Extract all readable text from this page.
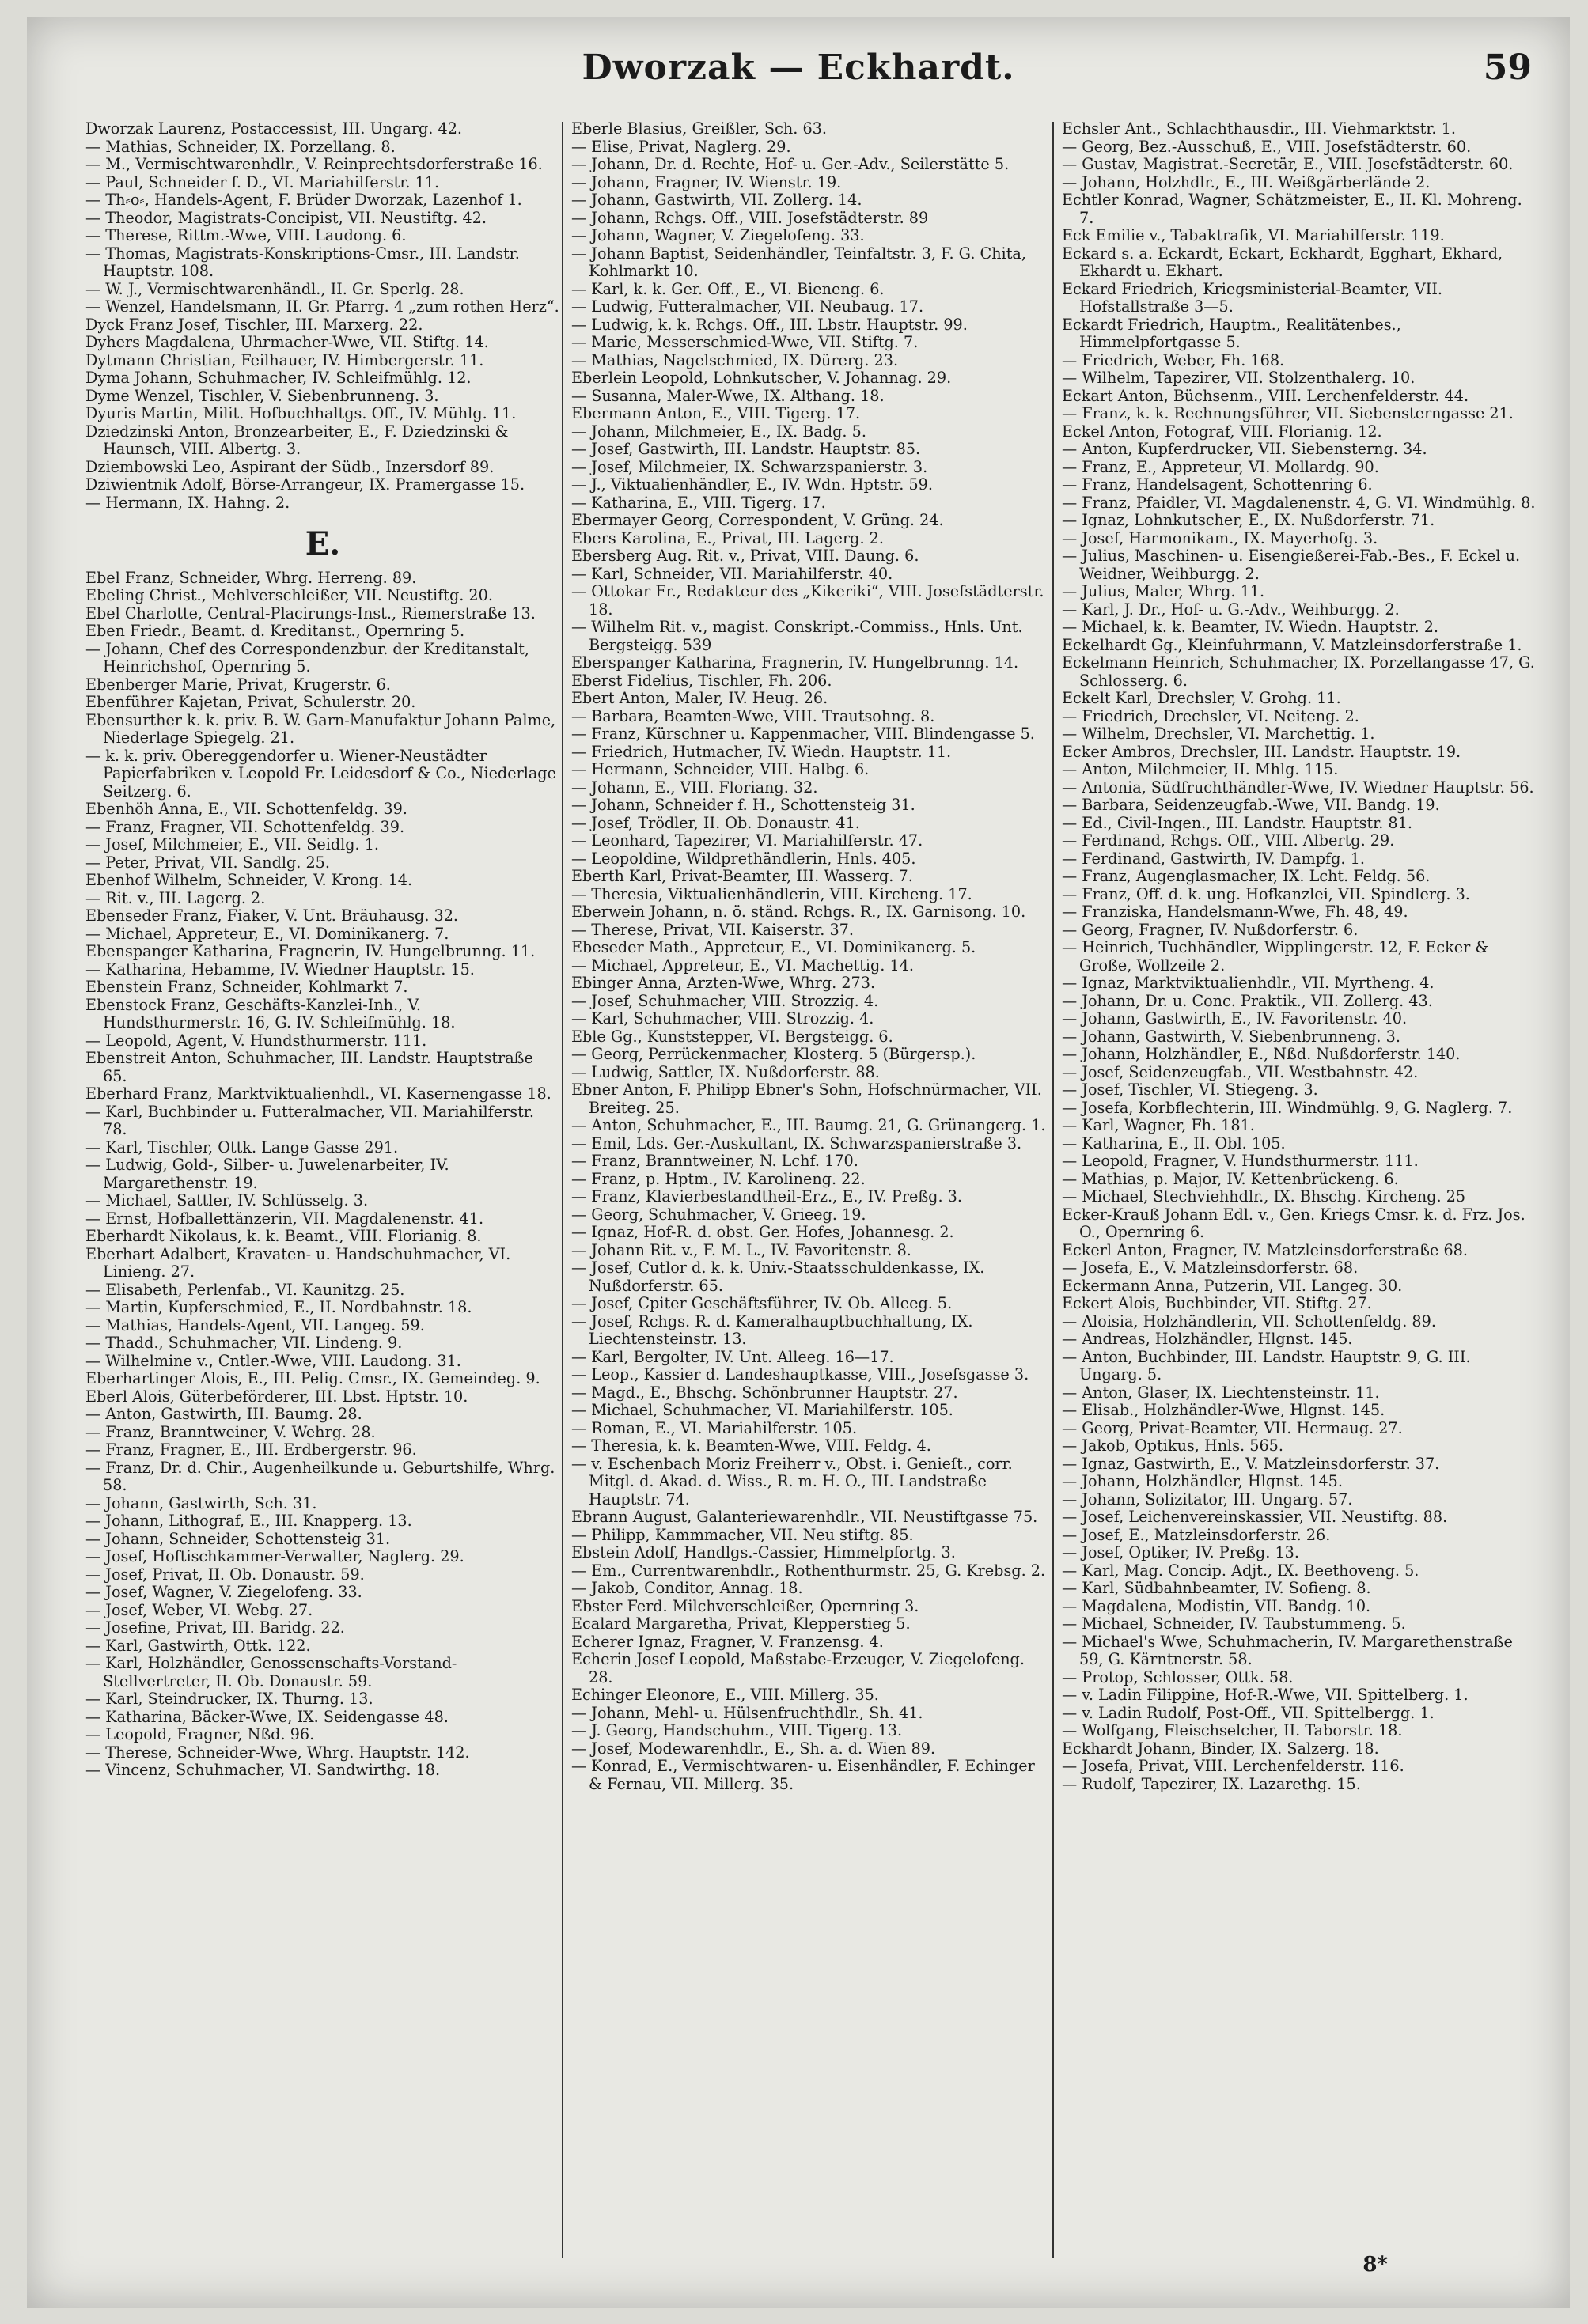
Dworzak — Eckhardt.	59

Dworzak Laurenz, Postaccessist, III. Ungarg. 42.

— Mathias, Schneider, IX. Porzellang. 8.

— M., Vermischtwarenhdlr., V. Reinprechtsdorferstraße 16.

— Paul, Schneider f. D., VI. Mariahilferstr. 11.

— Th⸗o⸗, Handels-Agent, F. Brüder Dworzak, Lazenhof 1.

— Theodor, Magistrats-Concipist, VII. Neustiftg. 42.

— Therese, Rittm.-Wwe, VIII. Laudong. 6.

— Thomas, Magistrats-Konskriptions-Cmsr., III. Landstr. Hauptstr. 108.

— W. J., Vermischtwarenhändl., II. Gr. Sperlg. 28.

— Wenzel, Handelsmann, II. Gr. Pfarrg. 4 „zum rothen Herz“.

Dyck Franz Josef, Tischler, III. Marxerg. 22.

Dyhers Magdalena, Uhrmacher-Wwe, VII. Stiftg. 14.

Dytmann Christian, Feilhauer, IV. Himbergerstr. 11.

Dyma Johann, Schuhmacher, IV. Schleifmühlg. 12.

Dyme Wenzel, Tischler, V. Siebenbrunneng. 3.

Dyuris Martin, Milit. Hofbuchhaltgs. Off., IV. Mühlg. 11.

Dziedzinski Anton, Bronzearbeiter, E., F. Dziedzinski & Haunsch, VIII. Albertg. 3.

Dziembowski Leo, Aspirant der Südb., Inzersdorf 89.

Dziwientnik Adolf, Börse-Arrangeur, IX. Pramergasse 15.

— Hermann, IX. Hahng. 2.

E.

Ebel Franz, Schneider, Whrg. Herreng. 89.

Ebeling Christ., Mehlverschleißer, VII. Neustiftg. 20.

Ebel Charlotte, Central-Placirungs-Inst., Riemerstraße 13.

Eben Friedr., Beamt. d. Kreditanst., Opernring 5.

— Johann, Chef des Correspondenzbur. der Kreditanstalt, Heinrichshof, Opernring 5.

Ebenberger Marie, Privat, Krugerstr. 6.

Ebenführer Kajetan, Privat, Schulerstr. 20.

Ebensurther k. k. priv. B. W. Garn-Manufaktur Johann Palme, Niederlage Spiegelg. 21.

— k. k. priv. Obereggendorfer u. Wiener-Neustädter Papierfabriken v. Leopold Fr. Leidesdorf & Co., Niederlage Seitzerg. 6.

Ebenhöh Anna, E., VII. Schottenfeldg. 39.

— Franz, Fragner, VII. Schottenfeldg. 39.

— Josef, Milchmeier, E., VII. Seidlg. 1.

— Peter, Privat, VII. Sandlg. 25.

Ebenhof Wilhelm, Schneider, V. Krong. 14.

— Rit. v., III. Lagerg. 2.

Ebenseder Franz, Fiaker, V. Unt. Bräuhausg. 32.

— Michael, Appreteur, E., VI. Dominikanerg. 7.

Ebenspanger Katharina, Fragnerin, IV. Hungelbrunng. 11.

— Katharina, Hebamme, IV. Wiedner Hauptstr. 15.

Ebenstein Franz, Schneider, Kohlmarkt 7.

Ebenstock Franz, Geschäfts-Kanzlei-Inh., V. Hundsthurmerstr. 16, G. IV. Schleifmühlg. 18.

— Leopold, Agent, V. Hundsthurmerstr. 111.

Ebenstreit Anton, Schuhmacher, III. Landstr. Hauptstraße 65.

Eberhard Franz, Marktviktualienhdl., VI. Kasernengasse 18.

— Karl, Buchbinder u. Futteralmacher, VII. Mariahilferstr. 78.

— Karl, Tischler, Ottk. Lange Gasse 291.

— Ludwig, Gold-, Silber- u. Juwelenarbeiter, IV. Margarethenstr. 19.

— Michael, Sattler, IV. Schlüsselg. 3.

— Ernst, Hofballettänzerin, VII. Magdalenenstr. 41.

Eberhardt Nikolaus, k. k. Beamt., VIII. Florianig. 8.

Eberhart Adalbert, Kravaten- u. Handschuhmacher, VI. Linieng. 27.

— Elisabeth, Perlenfab., VI. Kaunitzg. 25.

— Martin, Kupferschmied, E., II. Nordbahnstr. 18.

— Mathias, Handels-Agent, VII. Langeg. 59.

— Thadd., Schuhmacher, VII. Lindeng. 9.

— Wilhelmine v., Cntler.-Wwe, VIII. Laudong. 31.

Eberhartinger Alois, E., III. Pelig. Cmsr., IX. Gemeindeg. 9.

Eberl Alois, Güterbeförderer, III. Lbst. Hptstr. 10.

— Anton, Gastwirth, III. Baumg. 28.

— Franz, Branntweiner, V. Wehrg. 28.

— Franz, Fragner, E., III. Erdbergerstr. 96.

— Franz, Dr. d. Chir., Augenheilkunde u. Geburtshilfe, Whrg. 58.

— Johann, Gastwirth, Sch. 31.

— Johann, Lithograf, E., III. Knapperg. 13.

— Johann, Schneider, Schottensteig 31.

— Josef, Hoftischkammer-Verwalter, Naglerg. 29.

— Josef, Privat, II. Ob. Donaustr. 59.

— Josef, Wagner, V. Ziegelofeng. 33.

— Josef, Weber, VI. Webg. 27.

— Josefine, Privat, III. Baridg. 22.

— Karl, Gastwirth, Ottk. 122.

— Karl, Holzhändler, Genossenschafts-Vorstand-Stellvertreter, II. Ob. Donaustr. 59.

— Karl, Steindrucker, IX. Thurng. 13.

— Katharina, Bäcker-Wwe, IX. Seidengasse 48.

— Leopold, Fragner, Nßd. 96.

— Therese, Schneider-Wwe, Whrg. Hauptstr. 142.

— Vincenz, Schuhmacher, VI. Sandwirthg. 18.

Eberle Blasius, Greißler, Sch. 63.

— Elise, Privat, Naglerg. 29.

— Johann, Dr. d. Rechte, Hof- u. Ger.-Adv., Seilerstätte 5.

— Johann, Fragner, IV. Wienstr. 19.

— Johann, Gastwirth, VII. Zollerg. 14.

— Johann, Rchgs. Off., VIII. Josefstädterstr. 89

— Johann, Wagner, V. Ziegelofeng. 33.

— Johann Baptist, Seidenhändler, Teinfaltstr. 3, F. G. Chita, Kohlmarkt 10.

— Karl, k. k. Ger. Off., E., VI. Bieneng. 6.

— Ludwig, Futteralmacher, VII. Neubaug. 17.

— Ludwig, k. k. Rchgs. Off., III. Lbstr. Hauptstr. 99.

— Marie, Messerschmied-Wwe, VII. Stiftg. 7.

— Mathias, Nagelschmied, IX. Dürerg. 23.

Eberlein Leopold, Lohnkutscher, V. Johannag. 29.

— Susanna, Maler-Wwe, IX. Althang. 18.

Ebermann Anton, E., VIII. Tigerg. 17.

— Johann, Milchmeier, E., IX. Badg. 5.

— Josef, Gastwirth, III. Landstr. Hauptstr. 85.

— Josef, Milchmeier, IX. Schwarzspanierstr. 3.

— J., Viktualienhändler, E., IV. Wdn. Hptstr. 59.

— Katharina, E., VIII. Tigerg. 17.

Ebermayer Georg, Correspondent, V. Grüng. 24.

Ebers Karolina, E., Privat, III. Lagerg. 2.

Ebersberg Aug. Rit. v., Privat, VIII. Daung. 6.

— Karl, Schneider, VII. Mariahilferstr. 40.

— Ottokar Fr., Redakteur des „Kikeriki“, VIII. Josefstädterstr. 18.

— Wilhelm Rit. v., magist. Conskript.-Commiss., Hnls. Unt. Bergsteigg. 539

Eberspanger Katharina, Fragnerin, IV. Hungelbrunng. 14.

Eberst Fidelius, Tischler, Fh. 206.

Ebert Anton, Maler, IV. Heug. 26.

— Barbara, Beamten-Wwe, VIII. Trautsohng. 8.

— Franz, Kürschner u. Kappenmacher, VIII. Blindengasse 5.

— Friedrich, Hutmacher, IV. Wiedn. Hauptstr. 11.

— Hermann, Schneider, VIII. Halbg. 6.

— Johann, E., VIII. Floriang. 32.

— Johann, Schneider f. H., Schottensteig 31.

— Josef, Trödler, II. Ob. Donaustr. 41.

— Leonhard, Tapezirer, VI. Mariahilferstr. 47.

— Leopoldine, Wildprethändlerin, Hnls. 405.

Eberth Karl, Privat-Beamter, III. Wasserg. 7.

— Theresia, Viktualienhändlerin, VIII. Kircheng. 17.

Eberwein Johann, n. ö. ständ. Rchgs. R., IX. Garnisong. 10.

— Therese, Privat, VII. Kaiserstr. 37.

Ebeseder Math., Appreteur, E., VI. Dominikanerg. 5.

— Michael, Appreteur, E., VI. Machettig. 14.

Ebinger Anna, Arzten-Wwe, Whrg. 273.

— Josef, Schuhmacher, VIII. Strozzig. 4.

— Karl, Schuhmacher, VIII. Strozzig. 4.

Eble Gg., Kunststepper, VI. Bergsteigg. 6.

— Georg, Perrückenmacher, Klosterg. 5 (Bürgersp.).

— Ludwig, Sattler, IX. Nußdorferstr. 88.

Ebner Anton, F. Philipp Ebner's Sohn, Hofschnürmacher, VII. Breiteg. 25.

— Anton, Schuhmacher, E., III. Baumg. 21, G. Grünangerg. 1.

— Emil, Lds. Ger.-Auskultant, IX. Schwarzspanierstraße 3.

— Franz, Branntweiner, N. Lchf. 170.

— Franz, p. Hptm., IV. Karolineng. 22.

— Franz, Klavierbestandtheil-Erz., E., IV. Preßg. 3.

— Georg, Schuhmacher, V. Grieeg. 19.

— Ignaz, Hof-R. d. obst. Ger. Hofes, Johannesg. 2.

— Johann Rit. v., F. M. L., IV. Favoritenstr. 8.

— Josef, Cutlor d. k. k. Univ.-Staatsschuldenkasse, IX. Nußdorferstr. 65.

— Josef, Cpiter Geschäftsführer, IV. Ob. Alleeg. 5.

— Josef, Rchgs. R. d. Kameralhauptbuchhaltung, IX. Liechtensteinstr. 13.

— Karl, Bergolter, IV. Unt. Alleeg. 16—17.

— Leop., Kassier d. Landeshauptkasse, VIII., Josefsgasse 3.

— Magd., E., Bhschg. Schönbrunner Hauptstr. 27.

— Michael, Schuhmacher, VI. Mariahilferstr. 105.

— Roman, E., VI. Mariahilferstr. 105.

— Theresia, k. k. Beamten-Wwe, VIII. Feldg. 4.

— v. Eschenbach Moriz Freiherr v., Obst. i. Genieſt., corr. Mitgl. d. Akad. d. Wiss., R. m. H. O., III. Landstraße Hauptstr. 74.

Ebrann August, Galanteriewarenhdlr., VII. Neustiftgasse 75.

— Philipp, Kammmacher, VII. Neu stiftg. 85.

Ebstein Adolf, Handlgs.-Cassier, Himmelpfortg. 3.

— Em., Currentwarenhdlr., Rothenthurmstr. 25, G. Krebsg. 2.

— Jakob, Conditor, Annag. 18.

Ebster Ferd. Milchverschleißer, Opernring 3.

Ecalard Margaretha, Privat, Klepperstieg 5.

Echerer Ignaz, Fragner, V. Franzensg. 4.

Echerin Josef Leopold, Maßstabe-Erzeuger, V. Ziegelofeng. 28.

Echinger Eleonore, E., VIII. Millerg. 35.

— Johann, Mehl- u. Hülsenfruchthdlr., Sh. 41.

— J. Georg, Handschuhm., VIII. Tigerg. 13.

— Josef, Modewarenhdlr., E., Sh. a. d. Wien 89.

— Konrad, E., Vermischtwaren- u. Eisenhändler, F. Echinger & Fernau, VII. Millerg. 35.

Echsler Ant., Schlachthausdir., III. Viehmarktstr. 1.

— Georg, Bez.-Ausschuß, E., VIII. Josefstädterstr. 60.

— Gustav, Magistrat.-Secretär, E., VIII. Josefstädterstr. 60.

— Johann, Holzhdlr., E., III. Weißgärberlände 2.

Echtler Konrad, Wagner, Schätzmeister, E., II. Kl. Mohreng. 7.

Eck Emilie v., Tabaktrafik, VI. Mariahilferstr. 119.

Eckard s. a. Eckardt, Eckart, Eckhardt, Egghart, Ekhard, Ekhardt u. Ekhart.

Eckard Friedrich, Kriegsministerial-Beamter, VII. Hofstallstraße 3—5.

Eckardt Friedrich, Hauptm., Realitätenbes., Himmelpfortgasse 5.

— Friedrich, Weber, Fh. 168.

— Wilhelm, Tapezirer, VII. Stolzenthalerg. 10.

Eckart Anton, Büchsenm., VIII. Lerchenfelderstr. 44.

— Franz, k. k. Rechnungsführer, VII. Siebensterngasse 21.

Eckel Anton, Fotograf, VIII. Florianig. 12.

— Anton, Kupferdrucker, VII. Siebensterng. 34.

— Franz, E., Appreteur, VI. Mollardg. 90.

— Franz, Handelsagent, Schottenring 6.

— Franz, Pfaidler, VI. Magdalenenstr. 4, G. VI. Windmühlg. 8.

— Ignaz, Lohnkutscher, E., IX. Nußdorferstr. 71.

— Josef, Harmonikam., IX. Mayerhofg. 3.

— Julius, Maschinen- u. Eisengießerei-Fab.-Bes., F. Eckel u. Weidner, Weihburgg. 2.

— Julius, Maler, Whrg. 11.

— Karl, J. Dr., Hof- u. G.-Adv., Weihburgg. 2.

— Michael, k. k. Beamter, IV. Wiedn. Hauptstr. 2.

Eckelhardt Gg., Kleinfuhrmann, V. Matzleinsdorferstraße 1.

Eckelmann Heinrich, Schuhmacher, IX. Porzellangasse 47, G. Schlosserg. 6.

Eckelt Karl, Drechsler, V. Grohg. 11.

— Friedrich, Drechsler, VI. Neiteng. 2.

— Wilhelm, Drechsler, VI. Marchettig. 1.

Ecker Ambros, Drechsler, III. Landstr. Hauptstr. 19.

— Anton, Milchmeier, II. Mhlg. 115.

— Antonia, Südfruchthändler-Wwe, IV. Wiedner Hauptstr. 56.

— Barbara, Seidenzeugfab.-Wwe, VII. Bandg. 19.

— Ed., Civil-Ingen., III. Landstr. Hauptstr. 81.

— Ferdinand, Rchgs. Off., VIII. Albertg. 29.

— Ferdinand, Gastwirth, IV. Dampfg. 1.

— Franz, Augenglasmacher, IX. Lcht. Feldg. 56.

— Franz, Off. d. k. ung. Hofkanzlei, VII. Spindlerg. 3.

— Franziska, Handelsmann-Wwe, Fh. 48, 49.

— Georg, Fragner, IV. Nußdorferstr. 6.

— Heinrich, Tuchhändler, Wipplingerstr. 12, F. Ecker & Große, Wollzeile 2.

— Ignaz, Marktviktualienhdlr., VII. Myrtheng. 4.

— Johann, Dr. u. Conc. Praktik., VII. Zollerg. 43.

— Johann, Gastwirth, E., IV. Favoritenstr. 40.

— Johann, Gastwirth, V. Siebenbrunneng. 3.

— Johann, Holzhändler, E., Nßd. Nußdorferstr. 140.

— Josef, Seidenzeugfab., VII. Westbahnstr. 42.

— Josef, Tischler, VI. Stiegeng. 3.

— Josefa, Korbflechterin, III. Windmühlg. 9, G. Naglerg. 7.

— Karl, Wagner, Fh. 181.

— Katharina, E., II. Obl. 105.

— Leopold, Fragner, V. Hundsthurmerstr. 111.

— Mathias, p. Major, IV. Kettenbrückeng. 6.

— Michael, Stechviehhdlr., IX. Bhschg. Kircheng. 25

Ecker-Krauß Johann Edl. v., Gen. Kriegs Cmsr. k. d. Frz. Jos. O., Opernring 6.

Eckerl Anton, Fragner, IV. Matzleinsdorferstraße 68.

— Josefa, E., V. Matzleinsdorferstr. 68.

Eckermann Anna, Putzerin, VII. Langeg. 30.

Eckert Alois, Buchbinder, VII. Stiftg. 27.

— Aloisia, Holzhändlerin, VII. Schottenfeldg. 89.

— Andreas, Holzhändler, Hlgnst. 145.

— Anton, Buchbinder, III. Landstr. Hauptstr. 9, G. III. Ungarg. 5.

— Anton, Glaser, IX. Liechtensteinstr. 11.

— Elisab., Holzhändler-Wwe, Hlgnst. 145.

— Georg, Privat-Beamter, VII. Hermaug. 27.

— Jakob, Optikus, Hnls. 565.

— Ignaz, Gastwirth, E., V. Matzleinsdorferstr. 37.

— Johann, Holzhändler, Hlgnst. 145.

— Johann, Solizitator, III. Ungarg. 57.

— Josef, Leichenvereinskassier, VII. Neustiftg. 88.

— Josef, E., Matzleinsdorferstr. 26.

— Josef, Optiker, IV. Preßg. 13.

— Karl, Mag. Concip. Adjt., IX. Beethoveng. 5.

— Karl, Südbahnbeamter, IV. Sofieng. 8.

— Magdalena, Modistin, VII. Bandg. 10.

— Michael, Schneider, IV. Taubstummeng. 5.

— Michael's Wwe, Schuhmacherin, IV. Margarethenstraße 59, G. Kärntnerstr. 58.

— Protop, Schlosser, Ottk. 58.

— v. Ladin Filippine, Hof-R.-Wwe, VII. Spittelberg. 1.

— v. Ladin Rudolf, Post-Off., VII. Spittelbergg. 1.

— Wolfgang, Fleischselcher, II. Taborstr. 18.

Eckhardt Johann, Binder, IX. Salzerg. 18.

— Josefa, Privat, VIII. Lerchenfelderstr. 116.

— Rudolf, Tapezirer, IX. Lazarethg. 15.

8*
